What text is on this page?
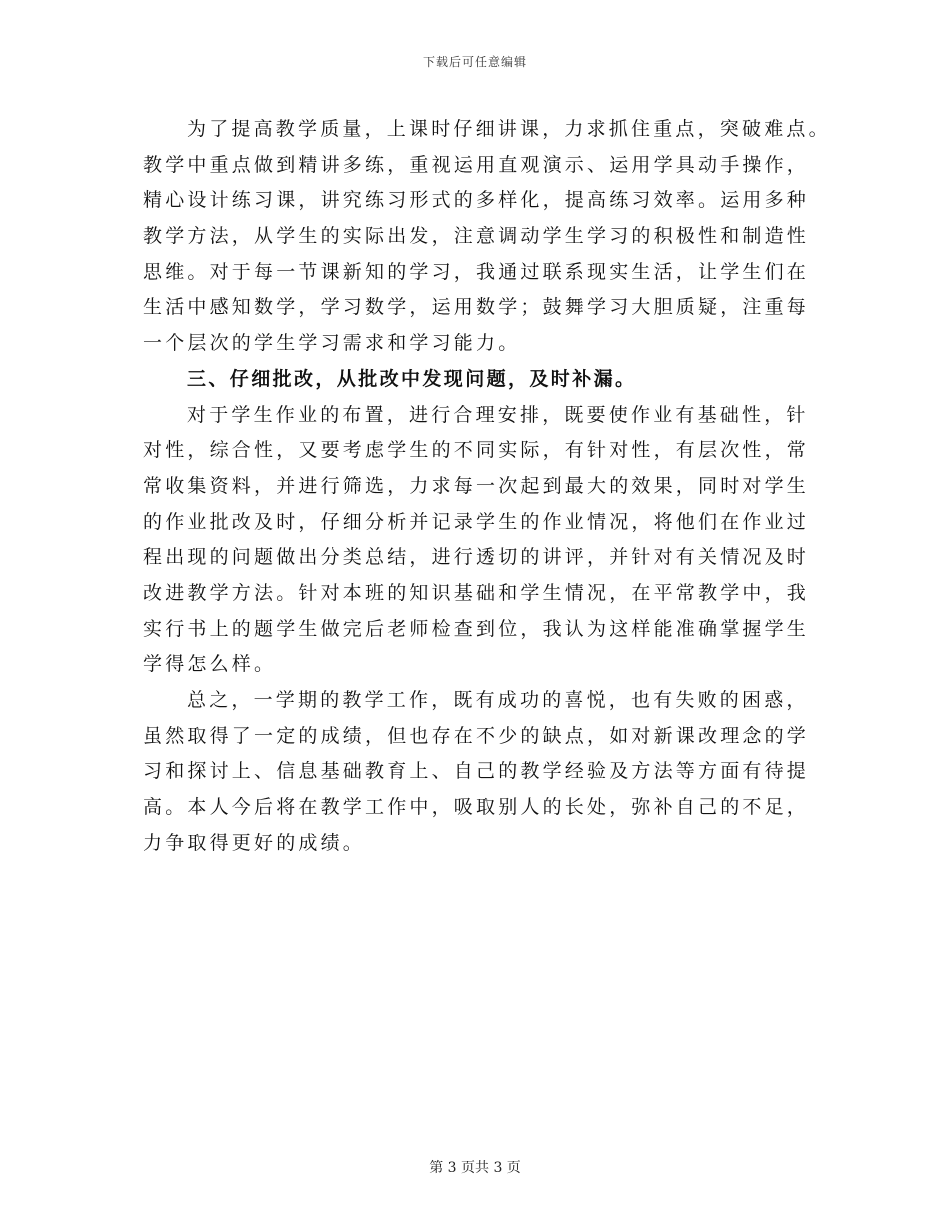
下载后可任意编辑
为了提高教学质量，上课时仔细讲课，力求抓住重点，突破难点。
教学中重点做到精讲多练，重视运用直观演示、运用学具动手操作，
精心设计练习课，讲究练习形式的多样化，提高练习效率。运用多种
教学方法，从学生的实际出发，注意调动学生学习的积极性和制造性
思维。对于每一节课新知的学习，我通过联系现实生活，让学生们在
生活中感知数学，学习数学，运用数学；鼓舞学习大胆质疑，注重每
一个层次的学生学习需求和学习能力。
三、仔细批改，从批改中发现问题，及时补漏。
对于学生作业的布置，进行合理安排，既要使作业有基础性，针
对性，综合性，又要考虑学生的不同实际，有针对性，有层次性，常
常收集资料，并进行筛选，力求每一次起到最大的效果，同时对学生
的作业批改及时，仔细分析并记录学生的作业情况，将他们在作业过
程出现的问题做出分类总结，进行透切的讲评，并针对有关情况及时
改进教学方法。针对本班的知识基础和学生情况，在平常教学中，我
实行书上的题学生做完后老师检查到位，我认为这样能准确掌握学生
学得怎么样。
总之，一学期的教学工作，既有成功的喜悦，也有失败的困惑，
虽然取得了一定的成绩，但也存在不少的缺点，如对新课改理念的学
习和探讨上、信息基础教育上、自己的教学经验及方法等方面有待提
高。本人今后将在教学工作中，吸取别人的长处，弥补自己的不足，
力争取得更好的成绩。
第 3 页共 3 页
